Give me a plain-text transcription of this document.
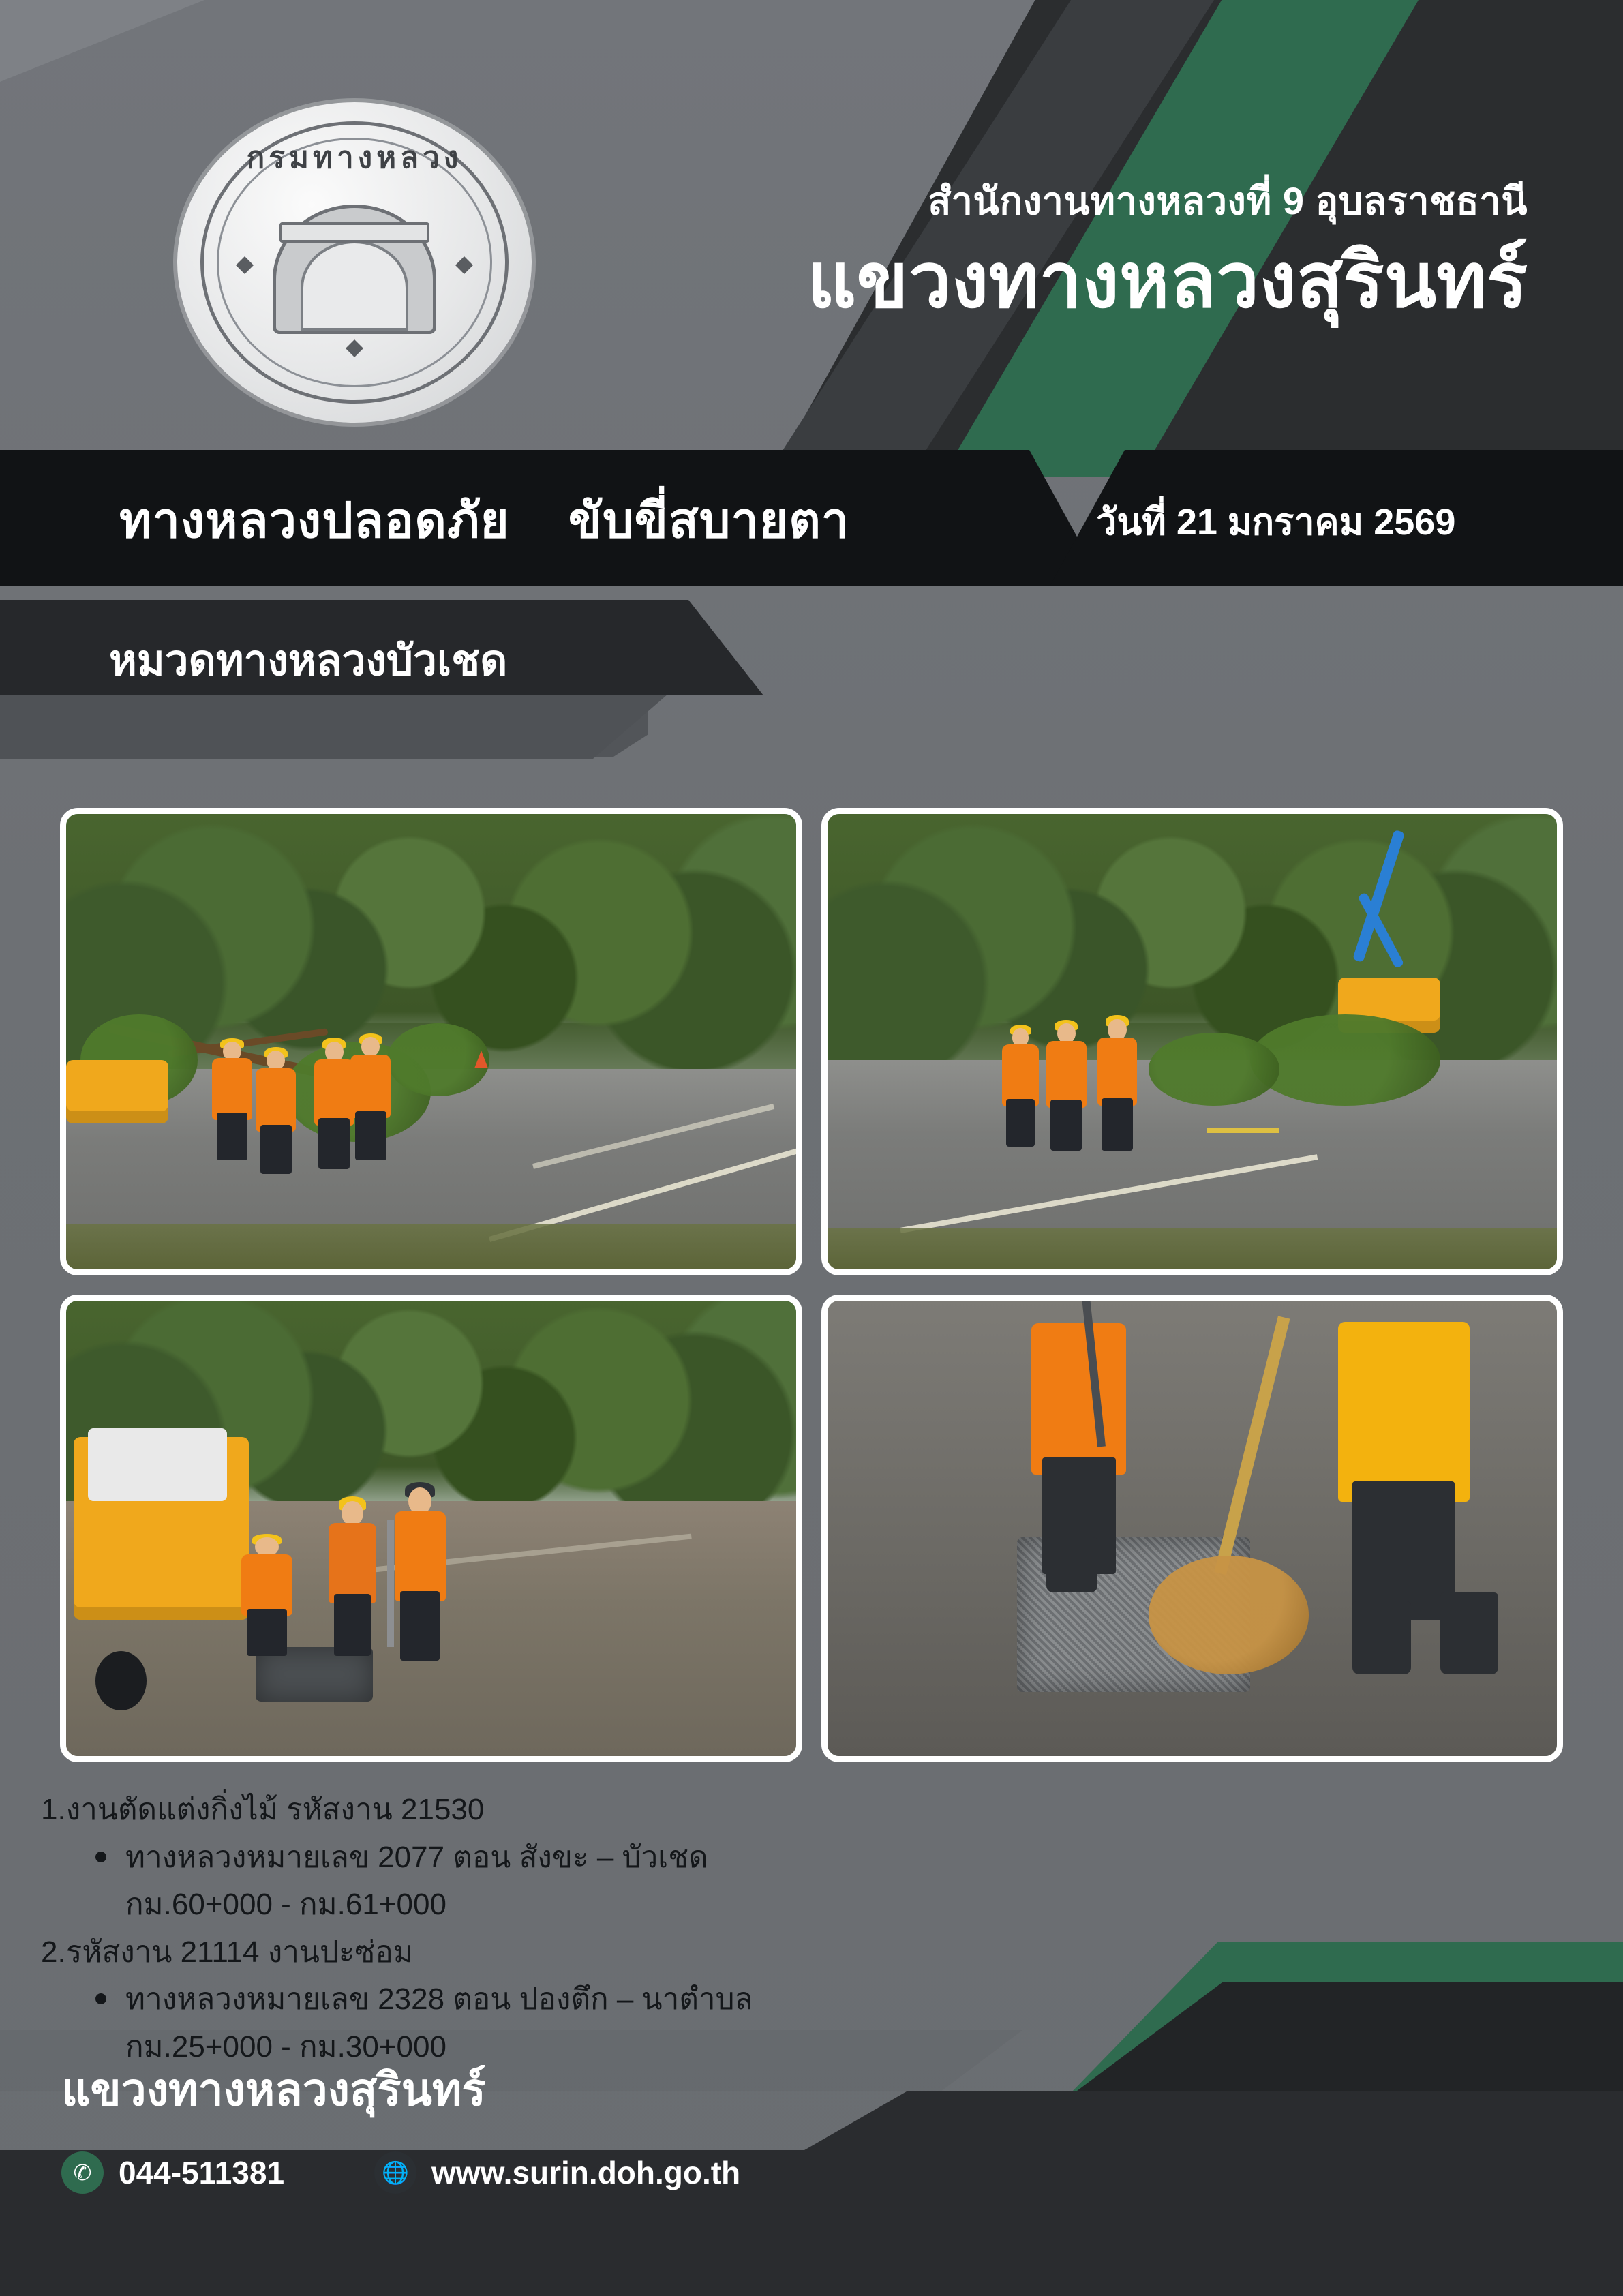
กรมทางหลวง
สำนักงานทางหลวงที่ 9 อุบลราชธานี
แขวงทางหลวงสุรินทร์
ทางหลวงปลอดภัย ขับขี่สบายตา	วันที่ 21 มกราคม 2569
หมวดทางหลวงบัวเชด
1.งานตัดแต่งกิ่งไม้ รหัสงาน 21530
ทางหลวงหมายเลข 2077 ตอน สังขะ – บัวเชด
กม.60+000 - กม.61+000
2.รหัสงาน 21114 งานปะซ่อม
ทางหลวงหมายเลข 2328 ตอน ปองตึก – นาตำบล
กม.25+000 - กม.30+000
แขวงทางหลวงสุรินทร์
✆ 044-511381	🌐 www.surin.doh.go.th
